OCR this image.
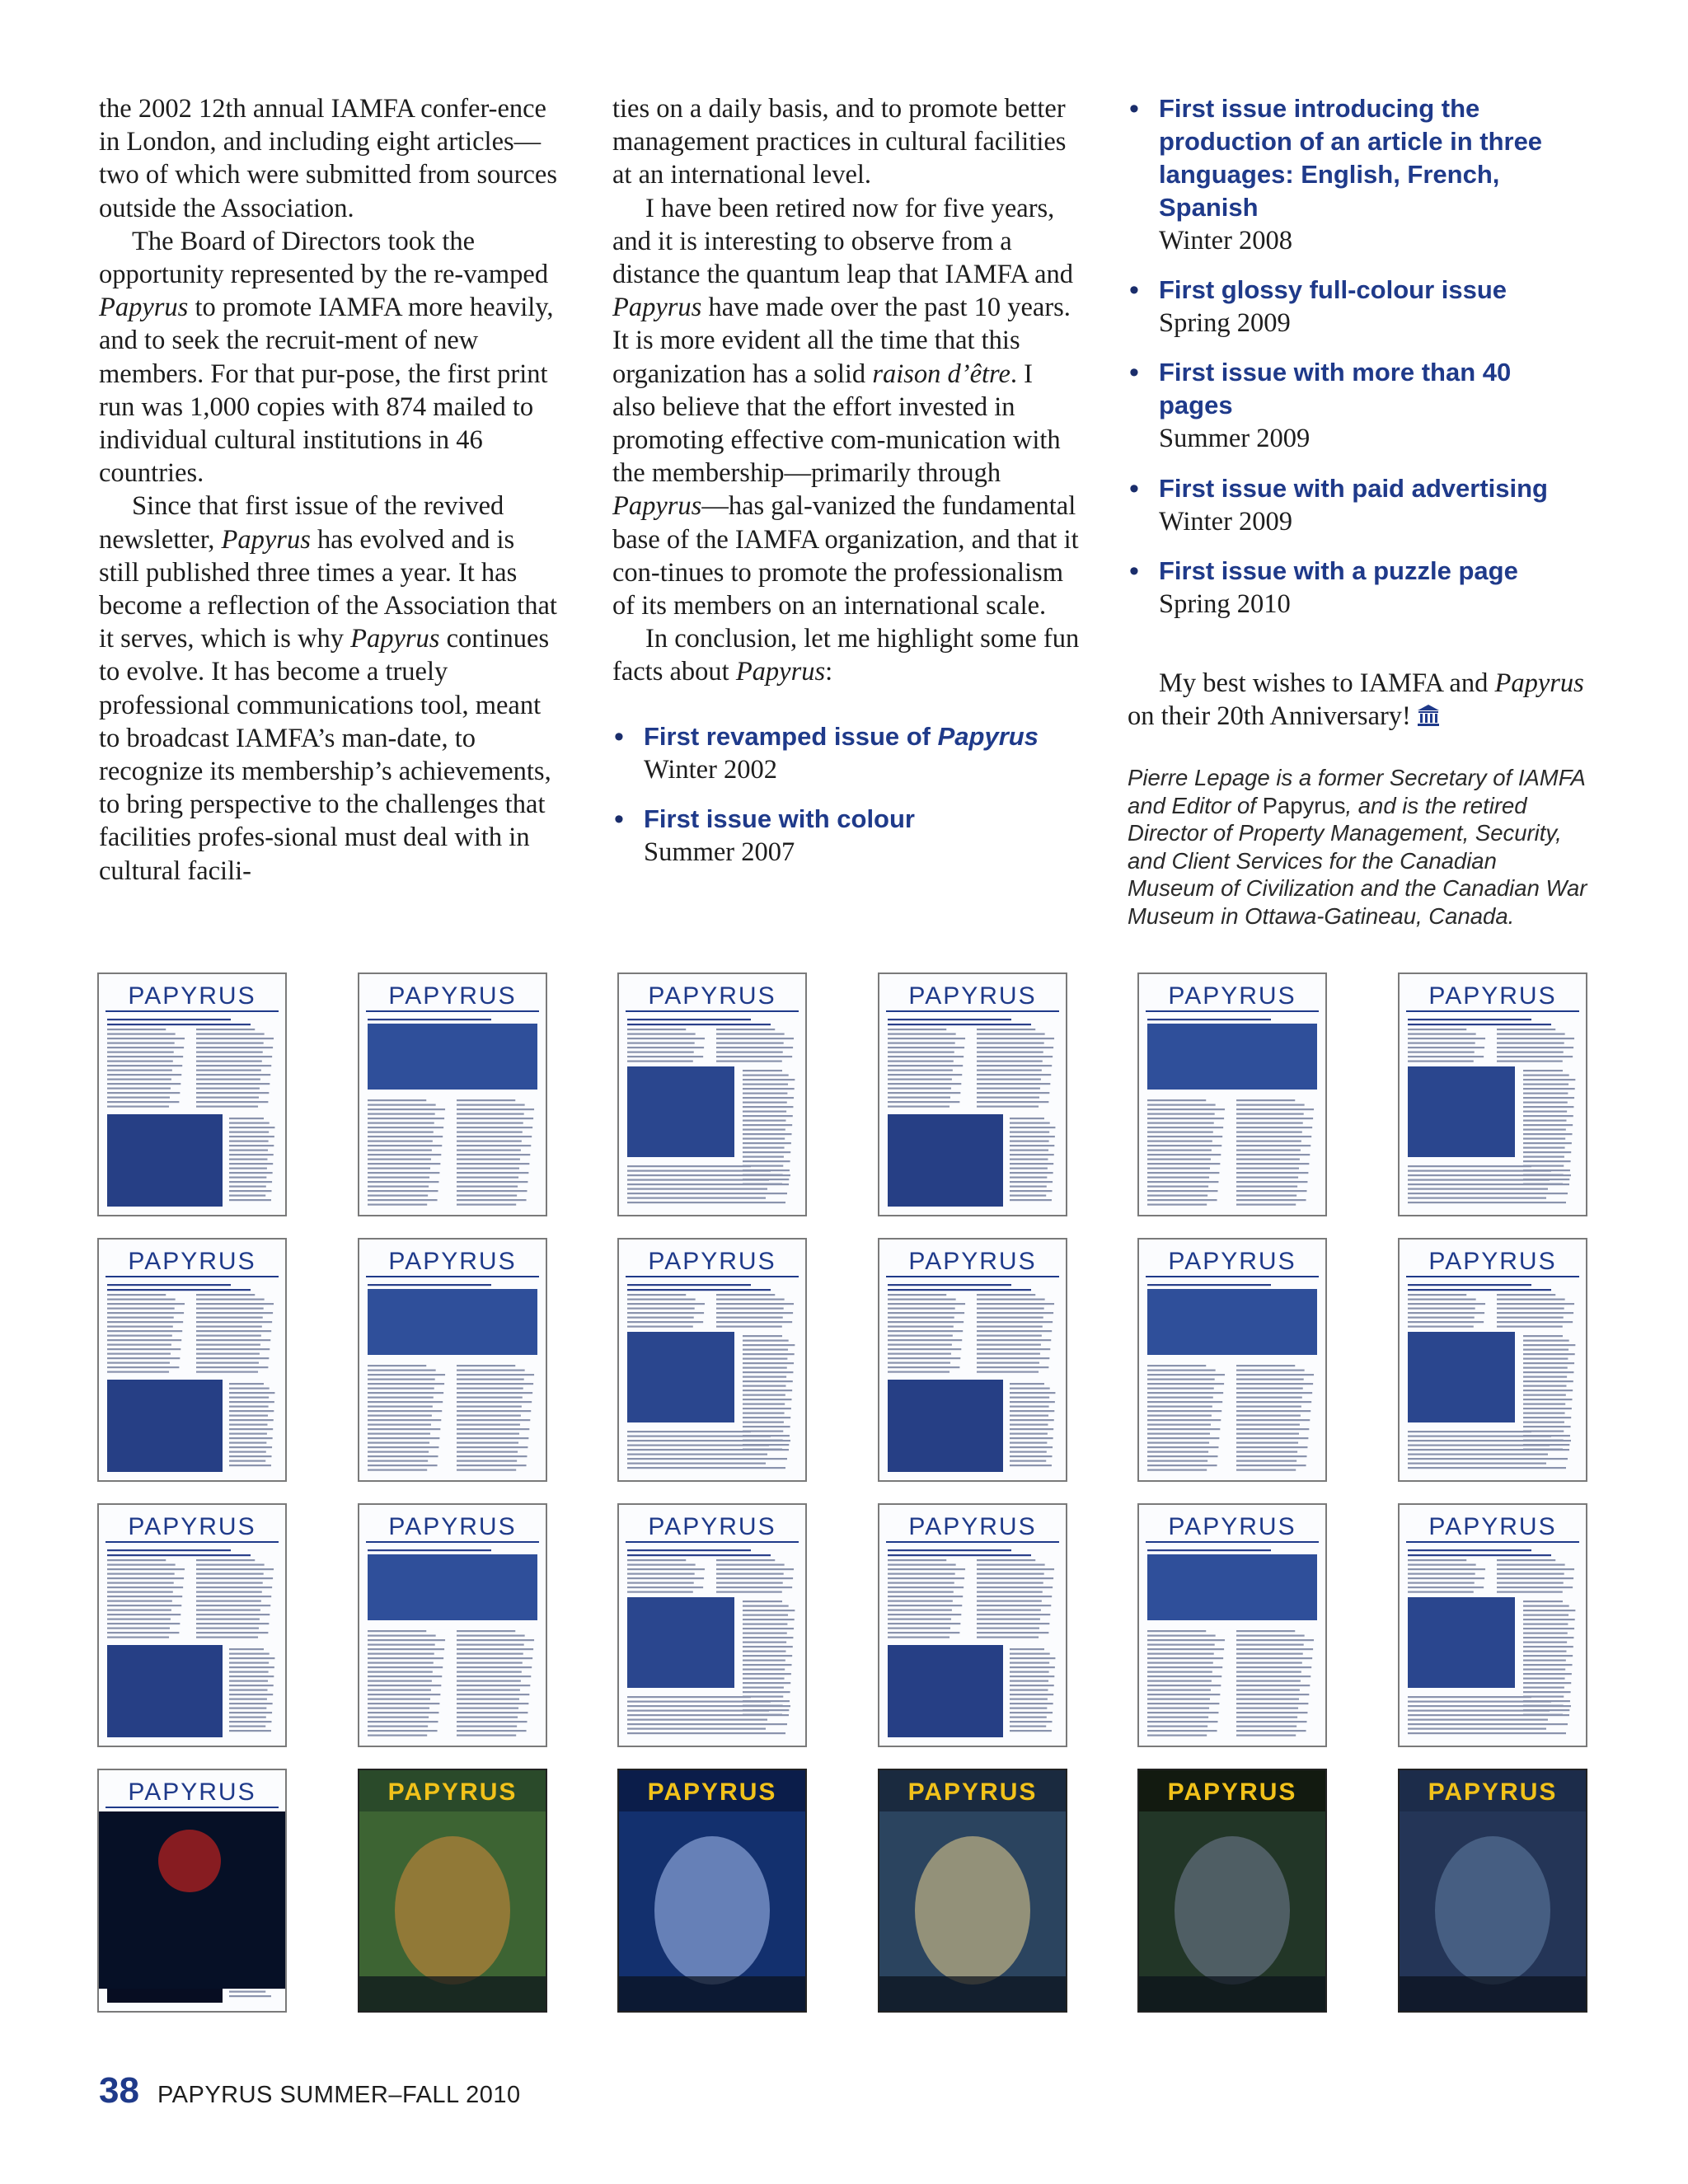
the 2002 12th annual IAMFA confer-ence in London, and including eight articles—two of which were submitted from sources outside the Association.

The Board of Directors took the opportunity represented by the re-vamped Papyrus to promote IAMFA more heavily, and to seek the recruit-ment of new members. For that pur-pose, the first print run was 1,000 copies with 874 mailed to individual cultural institutions in 46 countries.

Since that first issue of the revived newsletter, Papyrus has evolved and is still published three times a year. It has become a reflection of the Association that it serves, which is why Papyrus continues to evolve. It has become a truely professional communications tool, meant to broadcast IAMFA’s man-date, to recognize its membership’s achievements, to bring perspective to the challenges that facilities profes-sional must deal with in cultural facili-

ties on a daily basis, and to promote better management practices in cultural facilities at an international level.

I have been retired now for five years, and it is interesting to observe from a distance the quantum leap that IAMFA and Papyrus have made over the past 10 years. It is more evident all the time that this organization has a solid raison d’être. I also believe that the effort invested in promoting effective com-munication with the membership—primarily through Papyrus—has gal-vanized the fundamental base of the IAMFA organization, and that it con-tinues to promote the professionalism of its members on an international scale.

In conclusion, let me highlight some fun facts about Papyrus:

• First revamped issue of Papyrus
Winter 2002
• First issue with colour
Summer 2007
• First issue introducing the production of an article in three languages: English, French, Spanish
Winter 2008
• First glossy full-colour issue
Spring 2009
• First issue with more than 40 pages
Summer 2009
• First issue with paid advertising
Winter 2009
• First issue with a puzzle page
Spring 2010

My best wishes to IAMFA and Papyrus on their 20th Anniversary!

Pierre Lepage is a former Secretary of IAMFA and Editor of Papyrus, and is the retired Director of Property Management, Security, and Client Services for the Canadian Museum of Civilization and the Canadian War Museum in Ottawa-Gatineau, Canada.

PAPYRUS	PAPYRUS	PAPYRUS	PAPYRUS	PAPYRUS	PAPYRUS
PAPYRUS	PAPYRUS	PAPYRUS	PAPYRUS	PAPYRUS	PAPYRUS
PAPYRUS	PAPYRUS	PAPYRUS	PAPYRUS	PAPYRUS	PAPYRUS
PAPYRUS	PAPYRUS	PAPYRUS	PAPYRUS	PAPYRUS	PAPYRUS
38 PAPYRUS SUMMER–FALL 2010
